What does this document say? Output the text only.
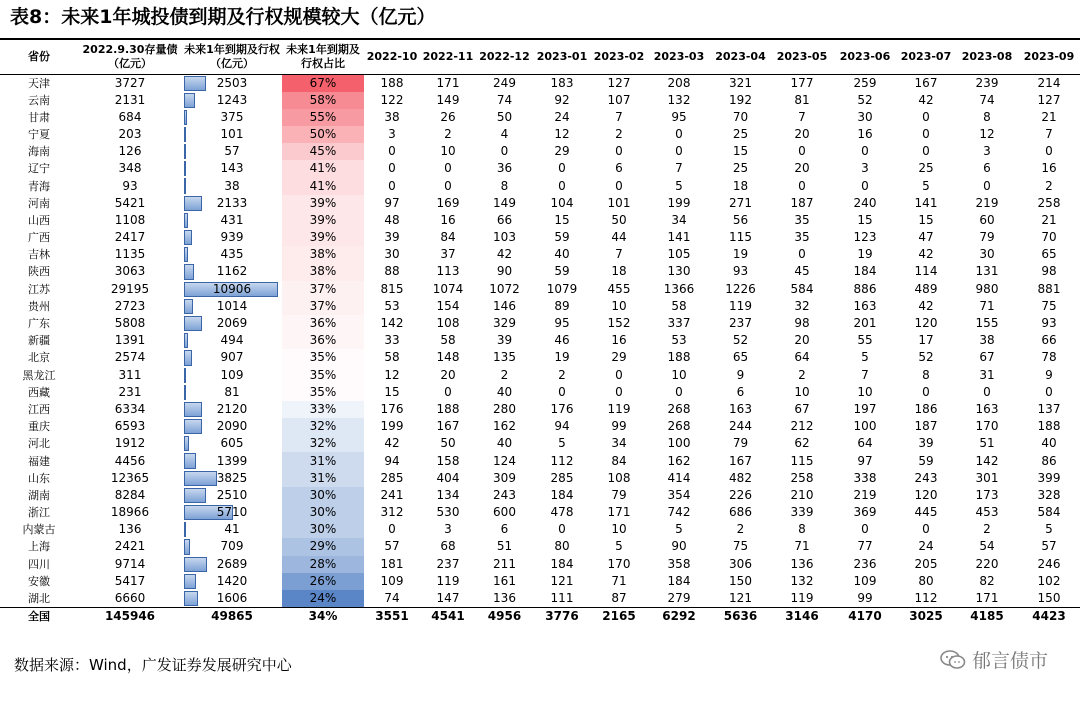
表8：未来1年城投债到期及行权规模较大（亿元）
省份	2022.9.30存量债（亿元）	未来1年到期及行权（亿元）	未来1年到期及行权占比	2022-10	2022-11	2022-12	2023-01	2023-02	2023-03	2023-04	2023-05	2023-06	2023-07	2023-08	2023-09
天津	3727	2503	67%	188	171	249	183	127	208	321	177	259	167	239	214
云南	2131	1243	58%	122	149	74	92	107	132	192	81	52	42	74	127
甘肃	684	375	55%	38	26	50	24	7	95	70	7	30	0	8	21
宁夏	203	101	50%	3	2	4	12	2	0	25	20	16	0	12	7
海南	126	57	45%	0	10	0	29	0	0	15	0	0	0	3	0
辽宁	348	143	41%	0	0	36	0	6	7	25	20	3	25	6	16
青海	93	38	41%	0	0	8	0	0	5	18	0	0	5	0	2
河南	5421	2133	39%	97	169	149	104	101	199	271	187	240	141	219	258
山西	1108	431	39%	48	16	66	15	50	34	56	35	15	15	60	21
广西	2417	939	39%	39	84	103	59	44	141	115	35	123	47	79	70
吉林	1135	435	38%	30	37	42	40	7	105	19	0	19	42	30	65
陕西	3063	1162	38%	88	113	90	59	18	130	93	45	184	114	131	98
江苏	29195	10906	37%	815	1074	1072	1079	455	1366	1226	584	886	489	980	881
贵州	2723	1014	37%	53	154	146	89	10	58	119	32	163	42	71	75
广东	5808	2069	36%	142	108	329	95	152	337	237	98	201	120	155	93
新疆	1391	494	36%	33	58	39	46	16	53	52	20	55	17	38	66
北京	2574	907	35%	58	148	135	19	29	188	65	64	5	52	67	78
黑龙江	311	109	35%	12	20	2	2	0	10	9	2	7	8	31	9
西藏	231	81	35%	15	0	40	0	0	0	6	10	10	0	0	0
江西	6334	2120	33%	176	188	280	176	119	268	163	67	197	186	163	137
重庆	6593	2090	32%	199	167	162	94	99	268	244	212	100	187	170	188
河北	1912	605	32%	42	50	40	5	34	100	79	62	64	39	51	40
福建	4456	1399	31%	94	158	124	112	84	162	167	115	97	59	142	86
山东	12365	3825	31%	285	404	309	285	108	414	482	258	338	243	301	399
湖南	8284	2510	30%	241	134	243	184	79	354	226	210	219	120	173	328
浙江	18966	5710	30%	312	530	600	478	171	742	686	339	369	445	453	584
内蒙古	136	41	30%	0	3	6	0	10	5	2	8	0	0	2	5
上海	2421	709	29%	57	68	51	80	5	90	75	71	77	24	54	57
四川	9714	2689	28%	181	237	211	184	170	358	306	136	236	205	220	246
安徽	5417	1420	26%	109	119	161	121	71	184	150	132	109	80	82	102
湖北	6660	1606	24%	74	147	136	111	87	279	121	119	99	112	171	150
全国	145946	49865	34%	3551	4541	4956	3776	2165	6292	5636	3146	4170	3025	4185	4423
数据来源：Wind，广发证券发展研究中心	郁言债市
